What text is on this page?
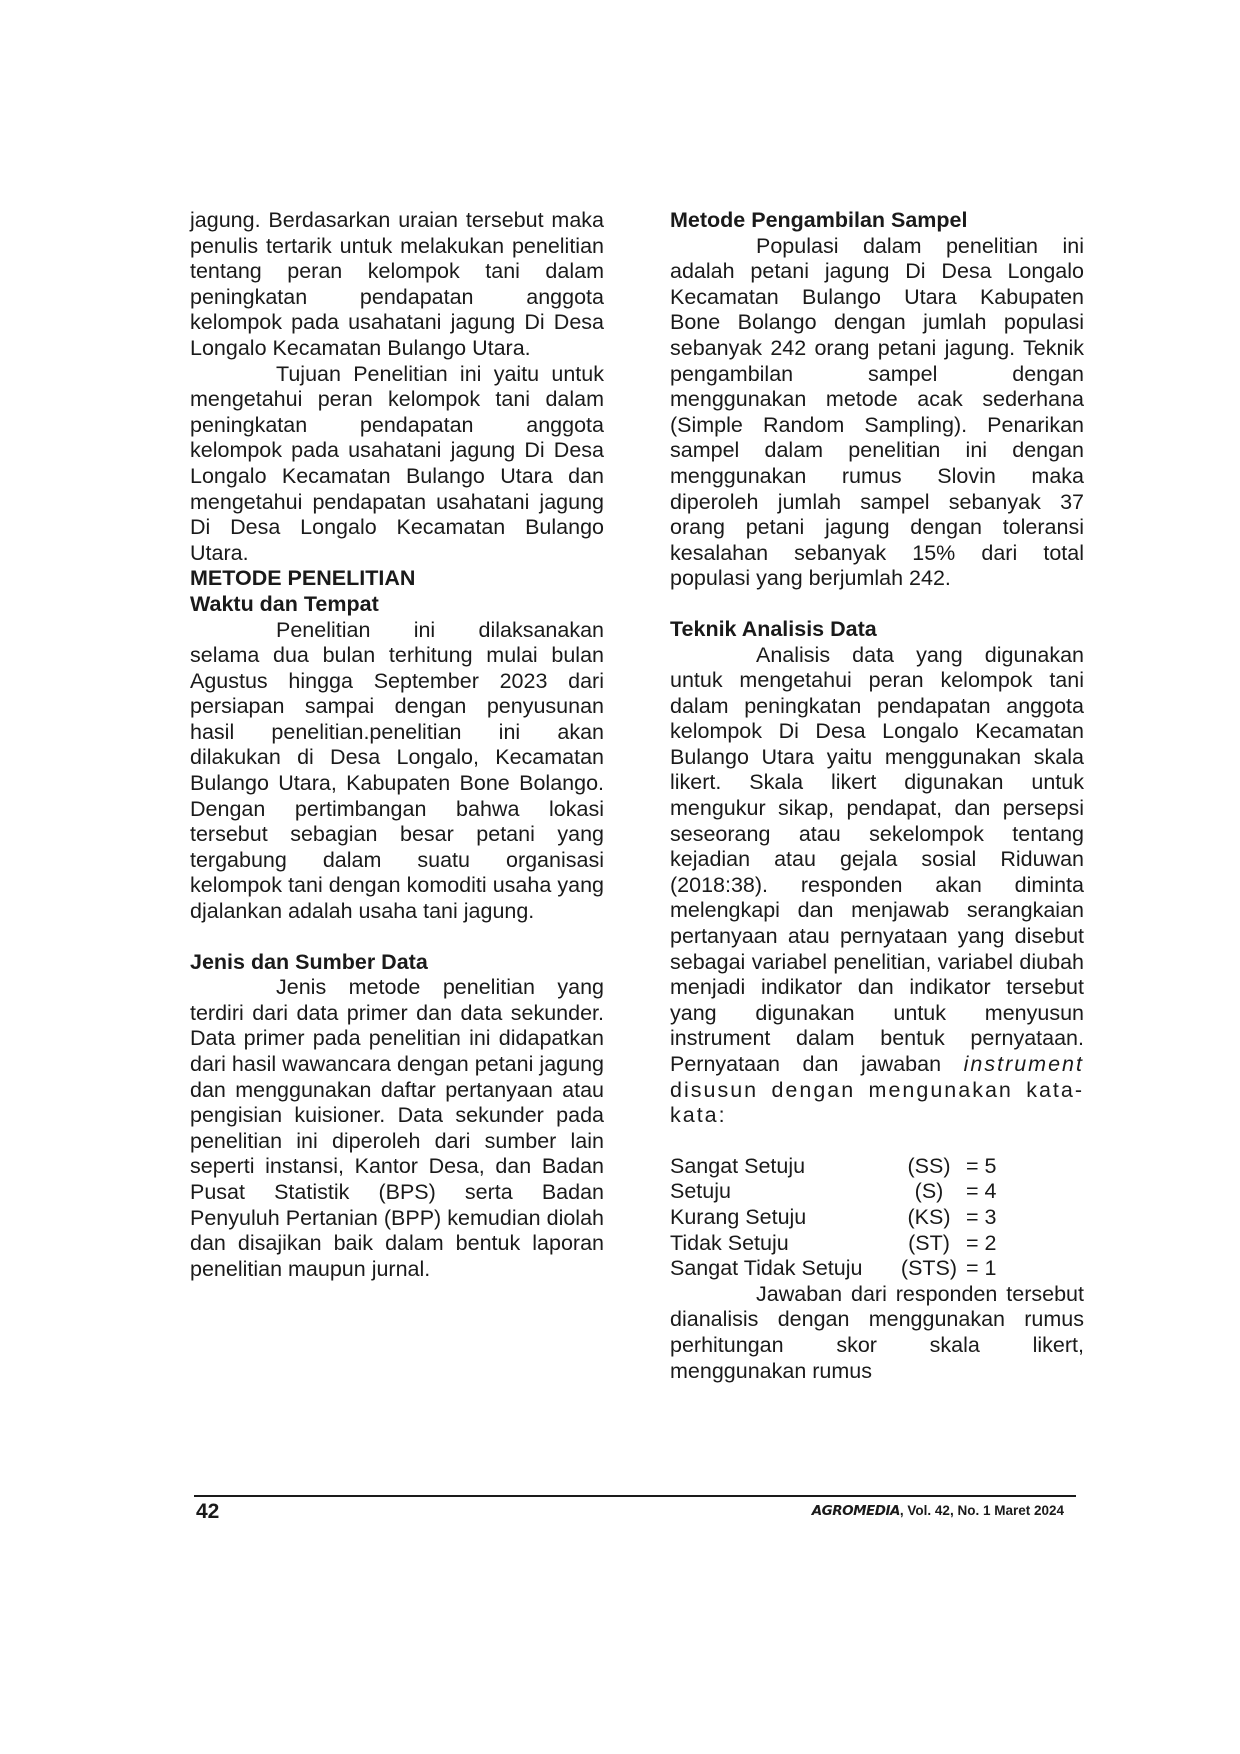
jagung. Berdasarkan uraian tersebut maka penulis tertarik untuk melakukan penelitian tentang peran kelompok tani dalam peningkatan pendapatan anggota kelompok pada usahatani jagung Di Desa Longalo Kecamatan Bulango Utara.

Tujuan Penelitian ini yaitu untuk mengetahui peran kelompok tani dalam peningkatan pendapatan anggota kelompok pada usahatani jagung Di Desa Longalo Kecamatan Bulango Utara dan mengetahui pendapatan usahatani jagung Di Desa Longalo Kecamatan Bulango Utara.

METODE PENELITIAN

Waktu dan Tempat

Penelitian ini dilaksanakan selama dua bulan terhitung mulai bulan Agustus hingga September 2023 dari persiapan sampai dengan penyusunan hasil penelitian.penelitian ini akan dilakukan di Desa Longalo, Kecamatan Bulango Utara, Kabupaten Bone Bolango. Dengan pertimbangan bahwa lokasi tersebut sebagian besar petani yang tergabung dalam suatu organisasi kelompok tani dengan komoditi usaha yang djalankan adalah usaha tani jagung.

Jenis dan Sumber Data

Jenis metode penelitian yang terdiri dari data primer dan data sekunder. Data primer pada penelitian ini didapatkan dari hasil wawancara dengan petani jagung dan menggunakan daftar pertanyaan atau pengisian kuisioner. Data sekunder pada penelitian ini diperoleh dari sumber lain seperti instansi, Kantor Desa, dan Badan Pusat Statistik (BPS) serta Badan Penyuluh Pertanian (BPP) kemudian diolah dan disajikan baik dalam bentuk laporan penelitian maupun jurnal.

Metode Pengambilan Sampel

Populasi dalam penelitian ini adalah petani jagung Di Desa Longalo Kecamatan Bulango Utara Kabupaten Bone Bolango dengan jumlah populasi sebanyak 242 orang petani jagung. Teknik pengambilan sampel dengan menggunakan metode acak sederhana (Simple Random Sampling). Penarikan sampel dalam penelitian ini dengan menggunakan rumus Slovin maka diperoleh jumlah sampel sebanyak 37 orang petani jagung dengan toleransi kesalahan sebanyak 15% dari total populasi yang berjumlah 242.

Teknik Analisis Data

Analisis data yang digunakan untuk mengetahui peran kelompok tani dalam peningkatan pendapatan anggota kelompok Di Desa Longalo Kecamatan Bulango Utara yaitu menggunakan skala likert. Skala likert digunakan untuk mengukur sikap, pendapat, dan persepsi seseorang atau sekelompok tentang kejadian atau gejala sosial Riduwan (2018:38). responden akan diminta melengkapi dan menjawab serangkaian pertanyaan atau pernyataan yang disebut sebagai variabel penelitian, variabel diubah menjadi indikator dan indikator tersebut yang digunakan untuk menyusun instrument dalam bentuk pernyataan. Pernyataan dan jawaban instrument disusun dengan mengunakan kata-kata:

Sangat Setuju	(SS) = 5
Setuju	(S)	= 4
Kurang Setuju	(KS) = 3
Tidak Setuju	(ST) = 2
Sangat Tidak Setuju	(STS) = 1

Jawaban dari responden tersebut dianalisis dengan menggunakan rumus perhitungan skor skala likert, menggunakan rumus

42	AGROMEDIA, Vol. 42, No. 1 Maret 2024
